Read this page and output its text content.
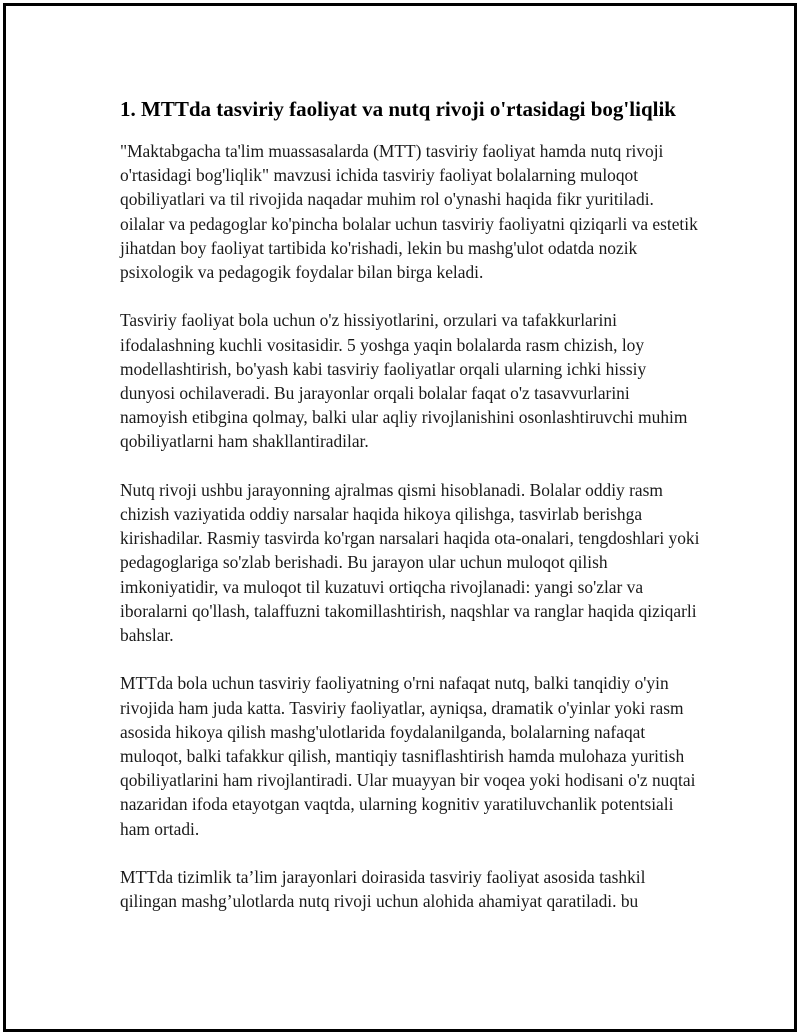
1. MTTda tasviriy faoliyat va nutq rivoji o'rtasidagi bog'liqlik

"Maktabgacha ta'lim muassasalarda (MTT) tasviriy faoliyat hamda nutq rivoji o'rtasidagi bog'liqlik" mavzusi ichida tasviriy faoliyat bolalarning muloqot qobiliyatlari va til rivojida naqadar muhim rol o'ynashi haqida fikr yuritiladi. oilalar va pedagoglar ko'pincha bolalar uchun tasviriy faoliyatni qiziqarli va estetik jihatdan boy faoliyat tartibida ko'rishadi, lekin bu mashg'ulot odatda nozik psixologik va pedagogik foydalar bilan birga keladi.

Tasviriy faoliyat bola uchun o'z hissiyotlarini, orzulari va tafakkurlarini ifodalashning kuchli vositasidir. 5 yoshga yaqin bolalarda rasm chizish, loy modellashtirish, bo'yash kabi tasviriy faoliyatlar orqali ularning ichki hissiy dunyosi ochilaveradi. Bu jarayonlar orqali bolalar faqat o'z tasavvurlarini namoyish etibgina qolmay, balki ular aqliy rivojlanishini osonlashtiruvchi muhim qobiliyatlarni ham shakllantiradilar.

Nutq rivoji ushbu jarayonning ajralmas qismi hisoblanadi. Bolalar oddiy rasm chizish vaziyatida oddiy narsalar haqida hikoya qilishga, tasvirlab berishga kirishadilar. Rasmiy tasvirda ko'rgan narsalari haqida ota-onalari, tengdoshlari yoki pedagoglariga so'zlab berishadi. Bu jarayon ular uchun muloqot qilish imkoniyatidir, va muloqot til kuzatuvi ortiqcha rivojlanadi: yangi so'zlar va iboralarni qo'llash, talaffuzni takomillashtirish, naqshlar va ranglar haqida qiziqarli bahslar.

MTTda bola uchun tasviriy faoliyatning o'rni nafaqat nutq, balki tanqidiy o'yin rivojida ham juda katta. Tasviriy faoliyatlar, ayniqsa, dramatik o'yinlar yoki rasm asosida hikoya qilish mashg'ulotlarida foydalanilganda, bolalarning nafaqat muloqot, balki tafakkur qilish, mantiqiy tasniflashtirish hamda mulohaza yuritish qobiliyatlarini ham rivojlantiradi. Ular muayyan bir voqea yoki hodisani o'z nuqtai nazaridan ifoda etayotgan vaqtda, ularning kognitiv yaratiluvchanlik potentsiali ham ortadi.

MTTda tizimlik ta’lim jarayonlari doirasida tasviriy faoliyat asosida tashkil qilingan mashg’ulotlarda nutq rivoji uchun alohida ahamiyat qaratiladi. bu
